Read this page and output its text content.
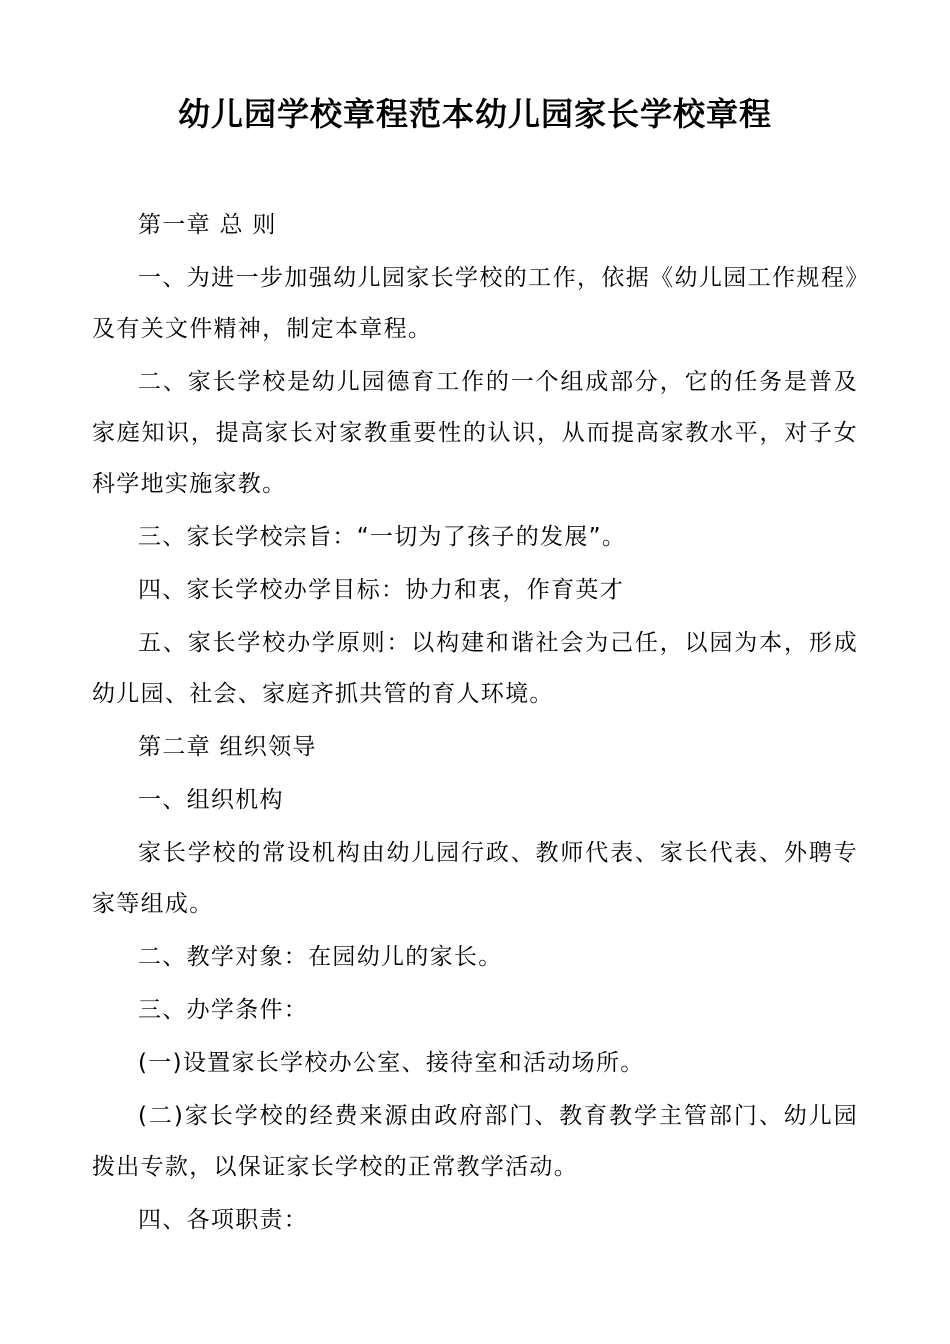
幼儿园学校章程范本幼儿园家长学校章程

第一章 总 则

一、为进一步加强幼儿园家长学校的工作，依据《幼儿园工作规程》及有关文件精神，制定本章程。

二、家长学校是幼儿园德育工作的一个组成部分，它的任务是普及家庭知识，提高家长对家教重要性的认识，从而提高家教水平，对子女科学地实施家教。

三、家长学校宗旨：“一切为了孩子的发展”。

四、家长学校办学目标：协力和衷，作育英才

五、家长学校办学原则：以构建和谐社会为己任，以园为本，形成幼儿园、社会、家庭齐抓共管的育人环境。

第二章 组织领导

一、组织机构

家长学校的常设机构由幼儿园行政、教师代表、家长代表、外聘专家等组成。

二、教学对象：在园幼儿的家长。

三、办学条件：

(一)设置家长学校办公室、接待室和活动场所。

(二)家长学校的经费来源由政府部门、教育教学主管部门、幼儿园拨出专款，以保证家长学校的正常教学活动。

四、各项职责：
